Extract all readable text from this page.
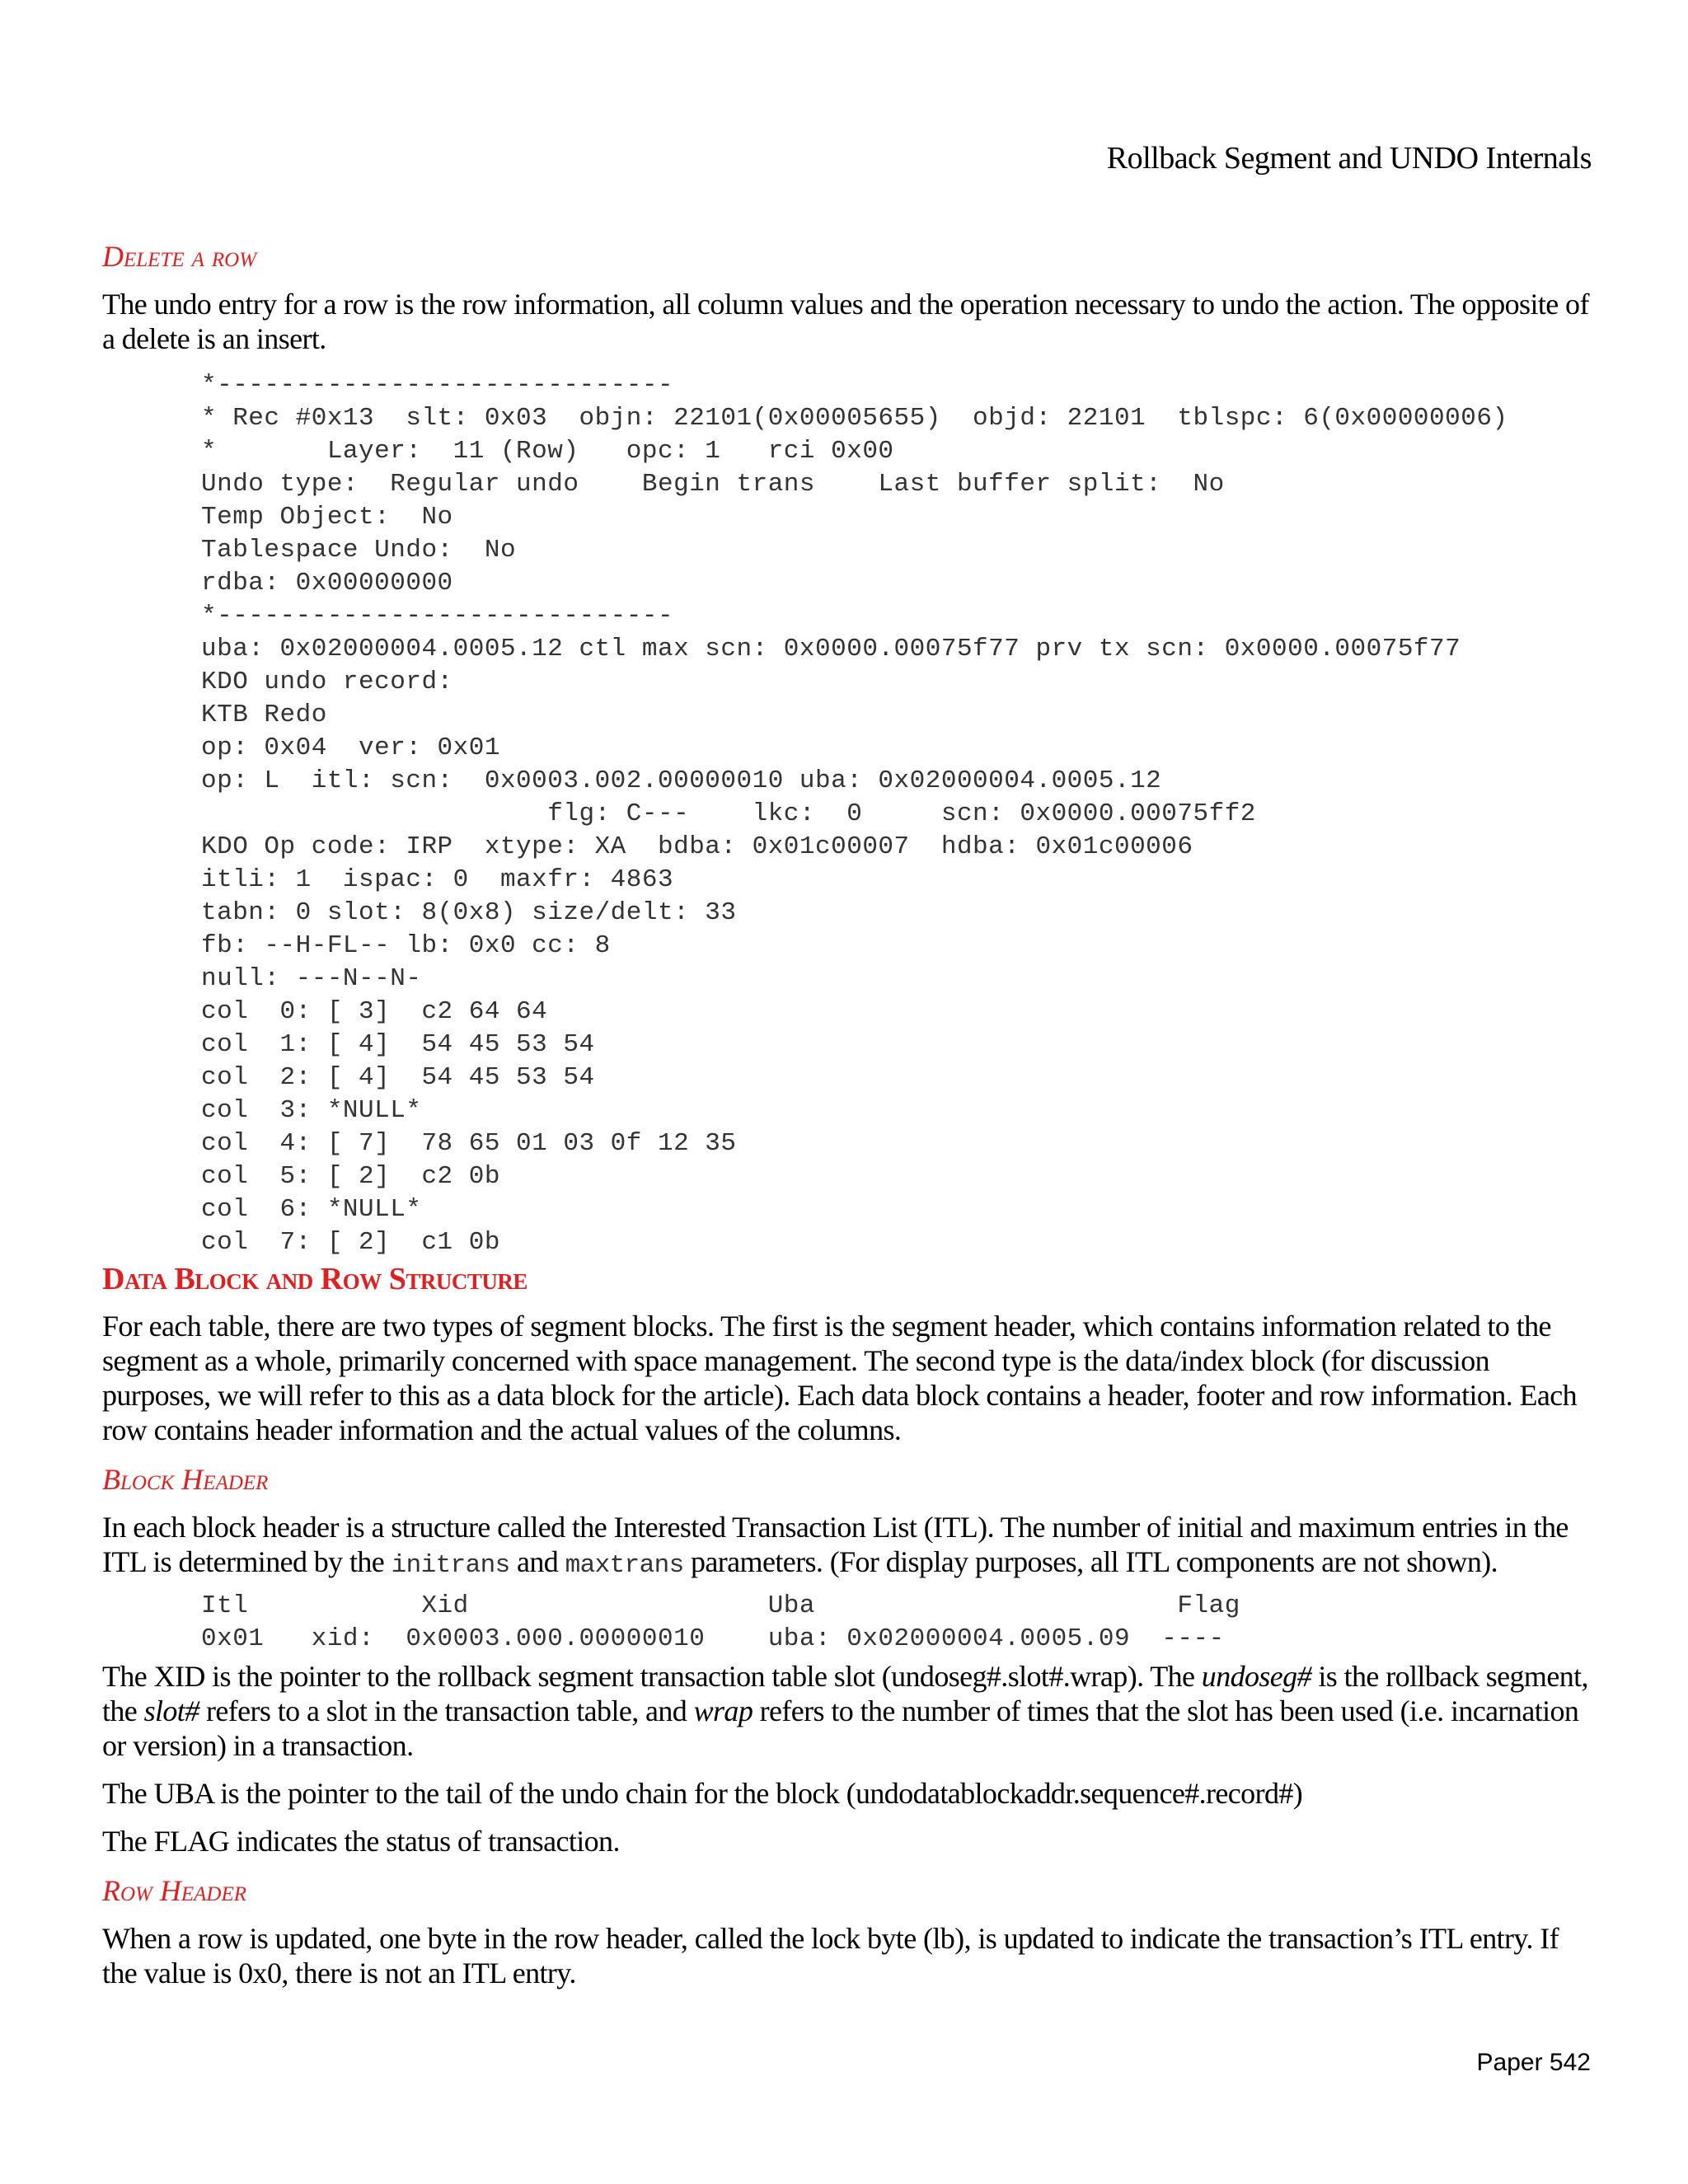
Rollback Segment and UNDO Internals
Delete a row

The undo entry for a row is the row information, all column values and the operation necessary to undo the action. The opposite of a delete is an insert.

*-----------------------------
* Rec #0x13  slt: 0x03  objn: 22101(0x00005655)  objd: 22101  tblspc: 6(0x00000006)
*       Layer:  11 (Row)   opc: 1   rci 0x00
Undo type:  Regular undo    Begin trans    Last buffer split:  No
Temp Object:  No
Tablespace Undo:  No
rdba: 0x00000000
*-----------------------------
uba: 0x02000004.0005.12 ctl max scn: 0x0000.00075f77 prv tx scn: 0x0000.00075f77
KDO undo record:
KTB Redo
op: 0x04  ver: 0x01
op: L  itl: scn:  0x0003.002.00000010 uba: 0x02000004.0005.12
flg: C---    lkc:  0     scn: 0x0000.00075ff2
KDO Op code: IRP  xtype: XA  bdba: 0x01c00007  hdba: 0x01c00006
itli: 1  ispac: 0  maxfr: 4863
tabn: 0 slot: 8(0x8) size/delt: 33
fb: --H-FL-- lb: 0x0 cc: 8
null: ---N--N-
col  0: [ 3]  c2 64 64
col  1: [ 4]  54 45 53 54
col  2: [ 4]  54 45 53 54
col  3: *NULL*
col  4: [ 7]  78 65 01 03 0f 12 35
col  5: [ 2]  c2 0b
col  6: *NULL*
col  7: [ 2]  c1 0b
Data Block and Row Structure

For each table, there are two types of segment blocks. The first is the segment header, which contains information related to the segment as a whole, primarily concerned with space management. The second type is the data/index block (for discussion purposes, we will refer to this as a data block for the article). Each data block contains a header, footer and row information. Each row contains header information and the actual values of the columns.

Block Header

In each block header is a structure called the Interested Transaction List (ITL). The number of initial and maximum entries in the ITL is determined by the initrans and maxtrans parameters. (For display purposes, all ITL components are not shown).

Itl           Xid                   Uba                       Flag
0x01   xid:  0x0003.000.00000010    uba: 0x02000004.0005.09  ----

The XID is the pointer to the rollback segment transaction table slot (undoseg#.slot#.wrap). The undoseg# is the rollback segment, the slot# refers to a slot in the transaction table, and wrap refers to the number of times that the slot has been used (i.e. incarnation or version) in a transaction.

The UBA is the pointer to the tail of the undo chain for the block (undodatablockaddr.sequence#.record#)

The FLAG indicates the status of transaction.

Row Header

When a row is updated, one byte in the row header, called the lock byte (lb), is updated to indicate the transaction’s ITL entry. If the value is 0x0, there is not an ITL entry.

Paper 542
